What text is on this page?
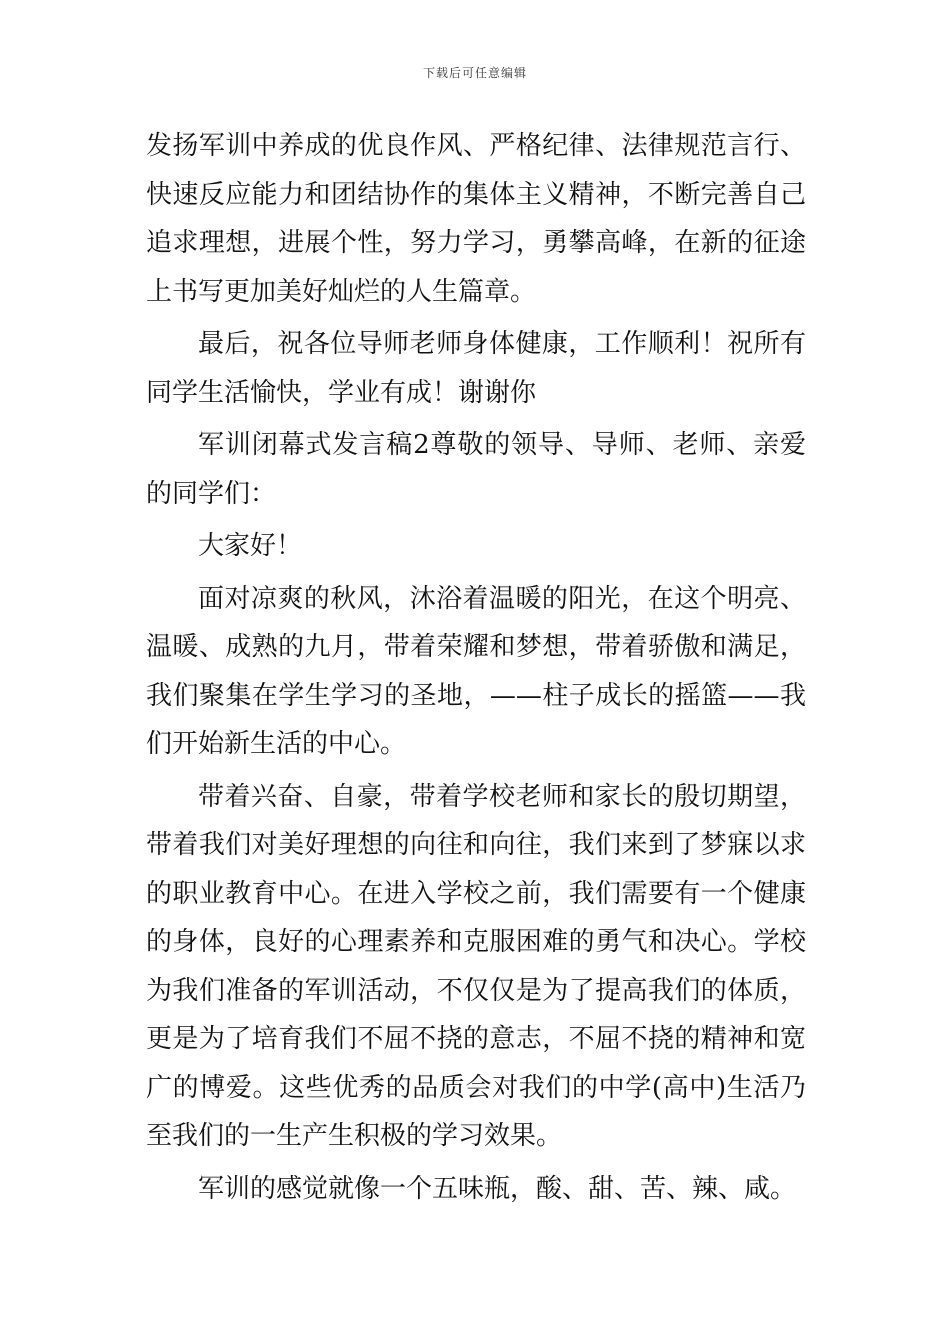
下载后可任意编辑

发扬军训中养成的优良作风、严格纪律、法律规范言行、快速反应能力和团结协作的集体主义精神，不断完善自己追求理想，进展个性，努力学习，勇攀高峰，在新的征途上书写更加美好灿烂的人生篇章。

最后，祝各位导师老师身体健康，工作顺利！祝所有同学生活愉快，学业有成！谢谢你

军训闭幕式发言稿2尊敬的领导、导师、老师、亲爱的同学们：

大家好！

面对凉爽的秋风，沐浴着温暖的阳光，在这个明亮、温暖、成熟的九月，带着荣耀和梦想，带着骄傲和满足，我们聚集在学生学习的圣地，——柱子成长的摇篮——我们开始新生活的中心。

带着兴奋、自豪，带着学校老师和家长的殷切期望，带着我们对美好理想的向往和向往，我们来到了梦寐以求的职业教育中心。在进入学校之前，我们需要有一个健康的身体，良好的心理素养和克服困难的勇气和决心。学校为我们准备的军训活动，不仅仅是为了提高我们的体质，更是为了培育我们不屈不挠的意志，不屈不挠的精神和宽广的博爱。这些优秀的品质会对我们的中学(高中)生活乃至我们的一生产生积极的学习效果。

军训的感觉就像一个五味瓶，酸、甜、苦、辣、咸。
